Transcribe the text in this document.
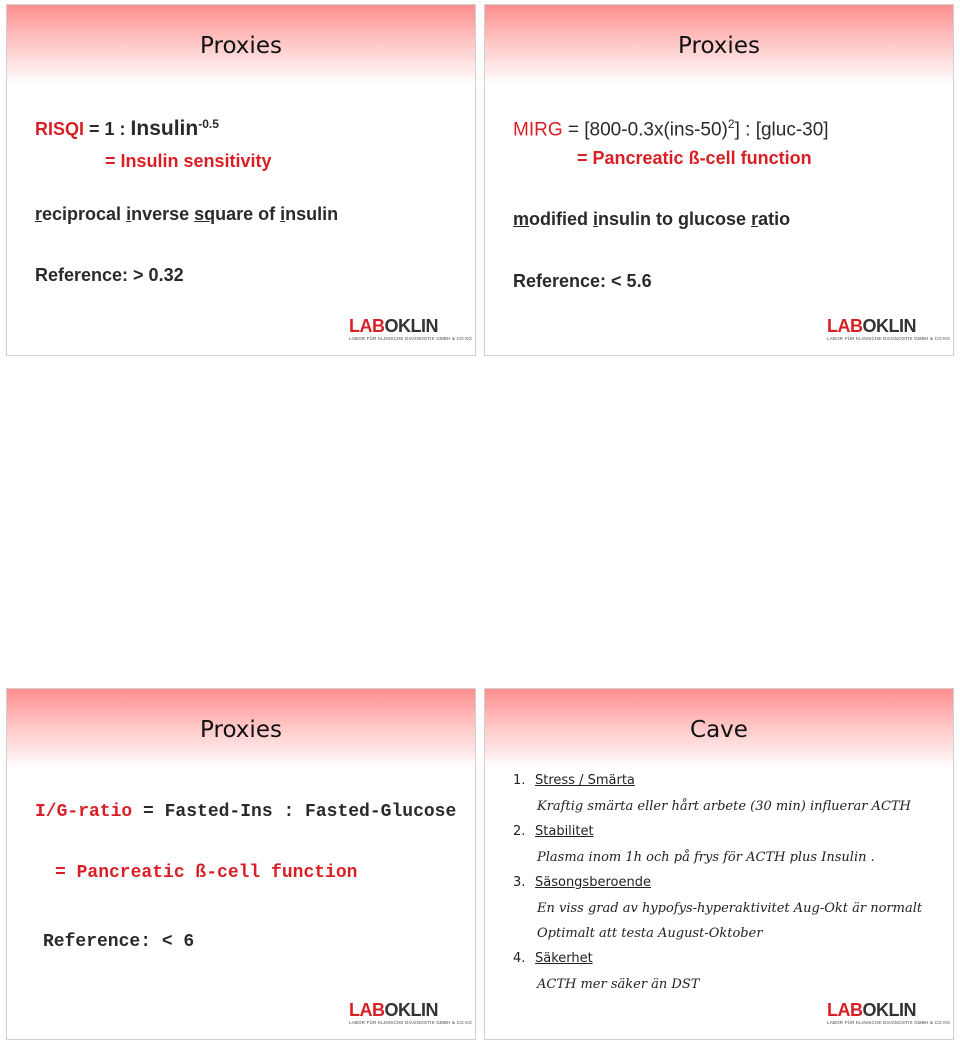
Proxies
RISQI = 1 : Insulin$^{-0.5}$
= Insulin sensitivity
reciprocal inverse square of insulin
Reference: > 0.32
LABOKLIN
LABOR FÜR KLINISCHE DIAGNOSTIK GMBH & CO KG
Proxies
MIRG = $[800-0.3x(ins-50)^2]$ : [gluc-30]
= Pancreatic ß-cell function
modified insulin to glucose ratio
Reference: < 5.6
LABOKLIN
LABOR FÜR KLINISCHE DIAGNOSTIK GMBH & CO KG
Proxies
I/G-ratio = Fasted-Ins : Fasted-Glucose
= Pancreatic ß-cell function
Reference: < 6
LABOKLIN
LABOR FÜR KLINISCHE DIAGNOSTIK GMBH & CO KG
Cave
1. Stress / Smärta
Kraftig smärta eller hårt arbete (30 min) influerar ACTH
2. Stabilitet
Plasma inom 1h och på frys för ACTH plus Insulin .
3. Säsongsberoende
En viss grad av hypofys-hyperaktivitet Aug-Okt är normalt
Optimalt att testa August-Oktober
4. Säkerhet
ACTH mer säker än DST
LABOKLIN
LABOR FÜR KLINISCHE DIAGNOSTIK GMBH & CO KG
